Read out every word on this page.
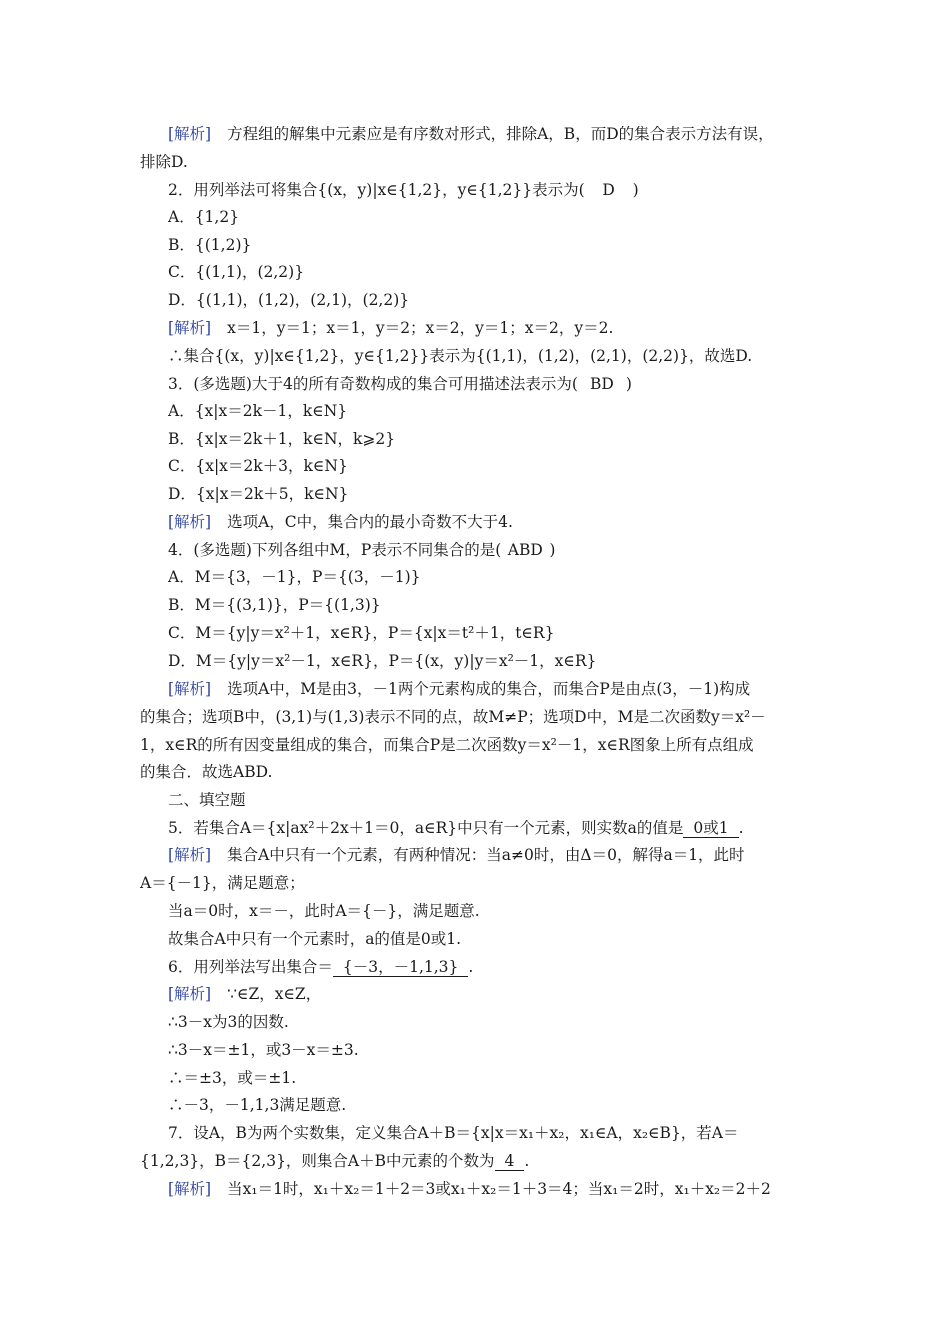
[解析] 方程组的解集中元素应是有序数对形式，排除A，B，而D的集合表示方法有误，
排除D.
2．用列举法可将集合{(x，y)|x∈{1,2}，y∈{1,2}}表示为( D )
A．{1,2}
B．{(1,2)}
C．{(1,1)，(2,2)}
D．{(1,1)，(1,2)，(2,1)，(2,2)}
[解析] x＝1，y＝1；x＝1，y＝2；x＝2，y＝1；x＝2，y＝2.
∴集合{(x，y)|x∈{1,2}，y∈{1,2}}表示为{(1,1)，(1,2)，(2,1)，(2,2)}，故选D.
3．(多选题)大于4的所有奇数构成的集合可用描述法表示为( BD )
A．{x|x＝2k－1，k∈N}
B．{x|x＝2k＋1，k∈N，k⩾2}
C．{x|x＝2k＋3，k∈N}
D．{x|x＝2k＋5，k∈N}
[解析] 选项A，C中，集合内的最小奇数不大于4.
4．(多选题)下列各组中M，P表示不同集合的是( ABD )
A．M＝{3，－1}，P＝{(3，－1)}
B．M＝{(3,1)}，P＝{(1,3)}
C．M＝{y|y＝x²＋1，x∈R}，P＝{x|x＝t²＋1，t∈R}
D．M＝{y|y＝x²－1，x∈R}，P＝{(x，y)|y＝x²－1，x∈R}
[解析] 选项A中，M是由3，－1两个元素构成的集合，而集合P是由点(3，－1)构成
的集合；选项B中，(3,1)与(1,3)表示不同的点，故M≠P；选项D中，M是二次函数y＝x²－
1，x∈R的所有因变量组成的集合，而集合P是二次函数y＝x²－1，x∈R图象上所有点组成
的集合．故选ABD.
二、填空题
5．若集合A＝{x|ax²＋2x＋1＝0，a∈R}中只有一个元素，则实数a的值是 0或1 .
[解析] 集合A中只有一个元素，有两种情况：当a≠0时，由Δ＝0，解得a＝1，此时
A＝{－1}，满足题意；
当a＝0时，x＝－，此时A＝{－}，满足题意.
故集合A中只有一个元素时，a的值是0或1.
6．用列举法写出集合＝ {－3，－1,1,3} .
[解析] ∵∈Z，x∈Z，
∴3－x为3的因数.
∴3－x＝±1，或3－x＝±3.
∴＝±3，或＝±1.
∴－3，－1,1,3满足题意.
7．设A，B为两个实数集，定义集合A＋B＝{x|x＝x₁＋x₂，x₁∈A，x₂∈B}，若A＝
{1,2,3}，B＝{2,3}，则集合A＋B中元素的个数为 4 .
[解析] 当x₁＝1时，x₁＋x₂＝1＋2＝3或x₁＋x₂＝1＋3＝4；当x₁＝2时，x₁＋x₂＝2＋2
